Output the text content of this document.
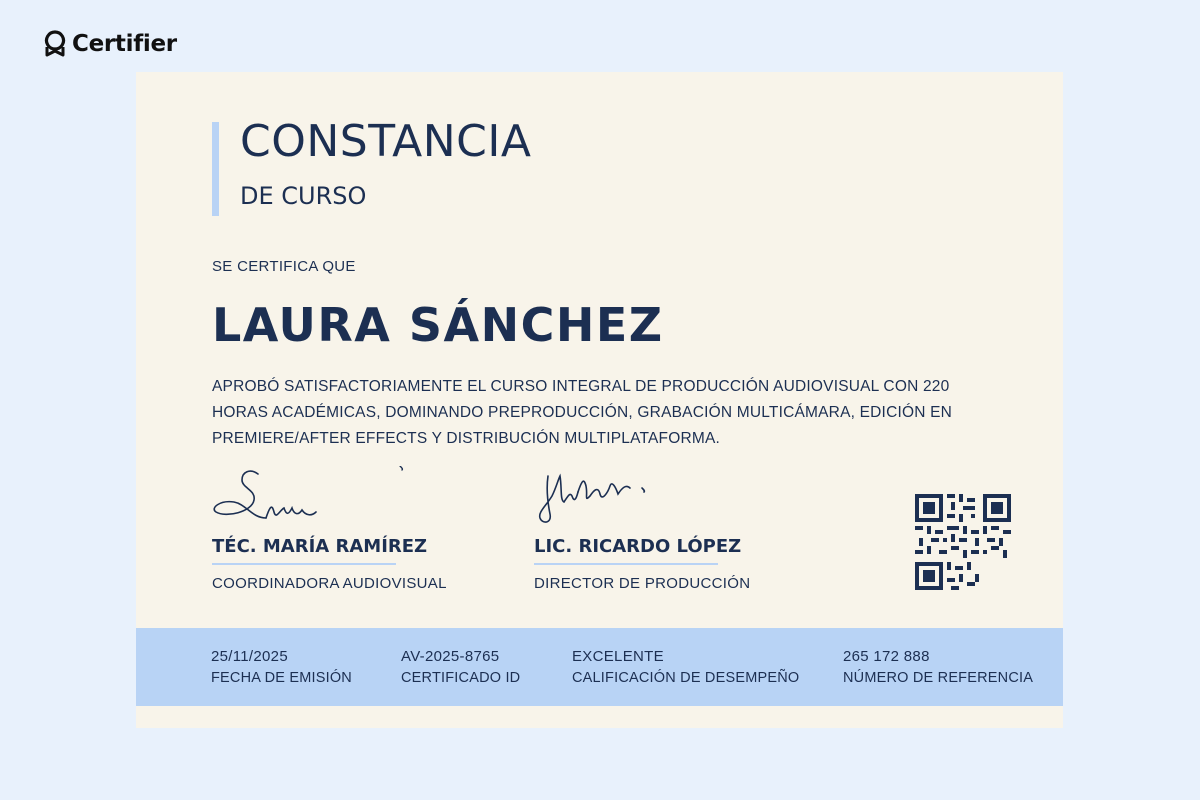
Certifier
CONSTANCIA
DE CURSO
SE CERTIFICA QUE
LAURA SÁNCHEZ

APROBÓ SATISFACTORIAMENTE EL CURSO INTEGRAL DE PRODUCCIÓN AUDIOVISUAL CON 220 HORAS ACADÉMICAS, DOMINANDO PREPRODUCCIÓN, GRABACIÓN MULTICÁMARA, EDICIÓN EN PREMIERE/AFTER EFFECTS Y DISTRIBUCIÓN MULTIPLATAFORMA.

TÉC. MARÍA RAMÍREZ
COORDINADORA AUDIOVISUAL
LIC. RICARDO LÓPEZ
DIRECTOR DE PRODUCCIÓN
25/11/2025
FECHA DE EMISIÓN
AV-2025-8765
CERTIFICADO ID
EXCELENTE
CALIFICACIÓN DE DESEMPEÑO
265 172 888
NÚMERO DE REFERENCIA
